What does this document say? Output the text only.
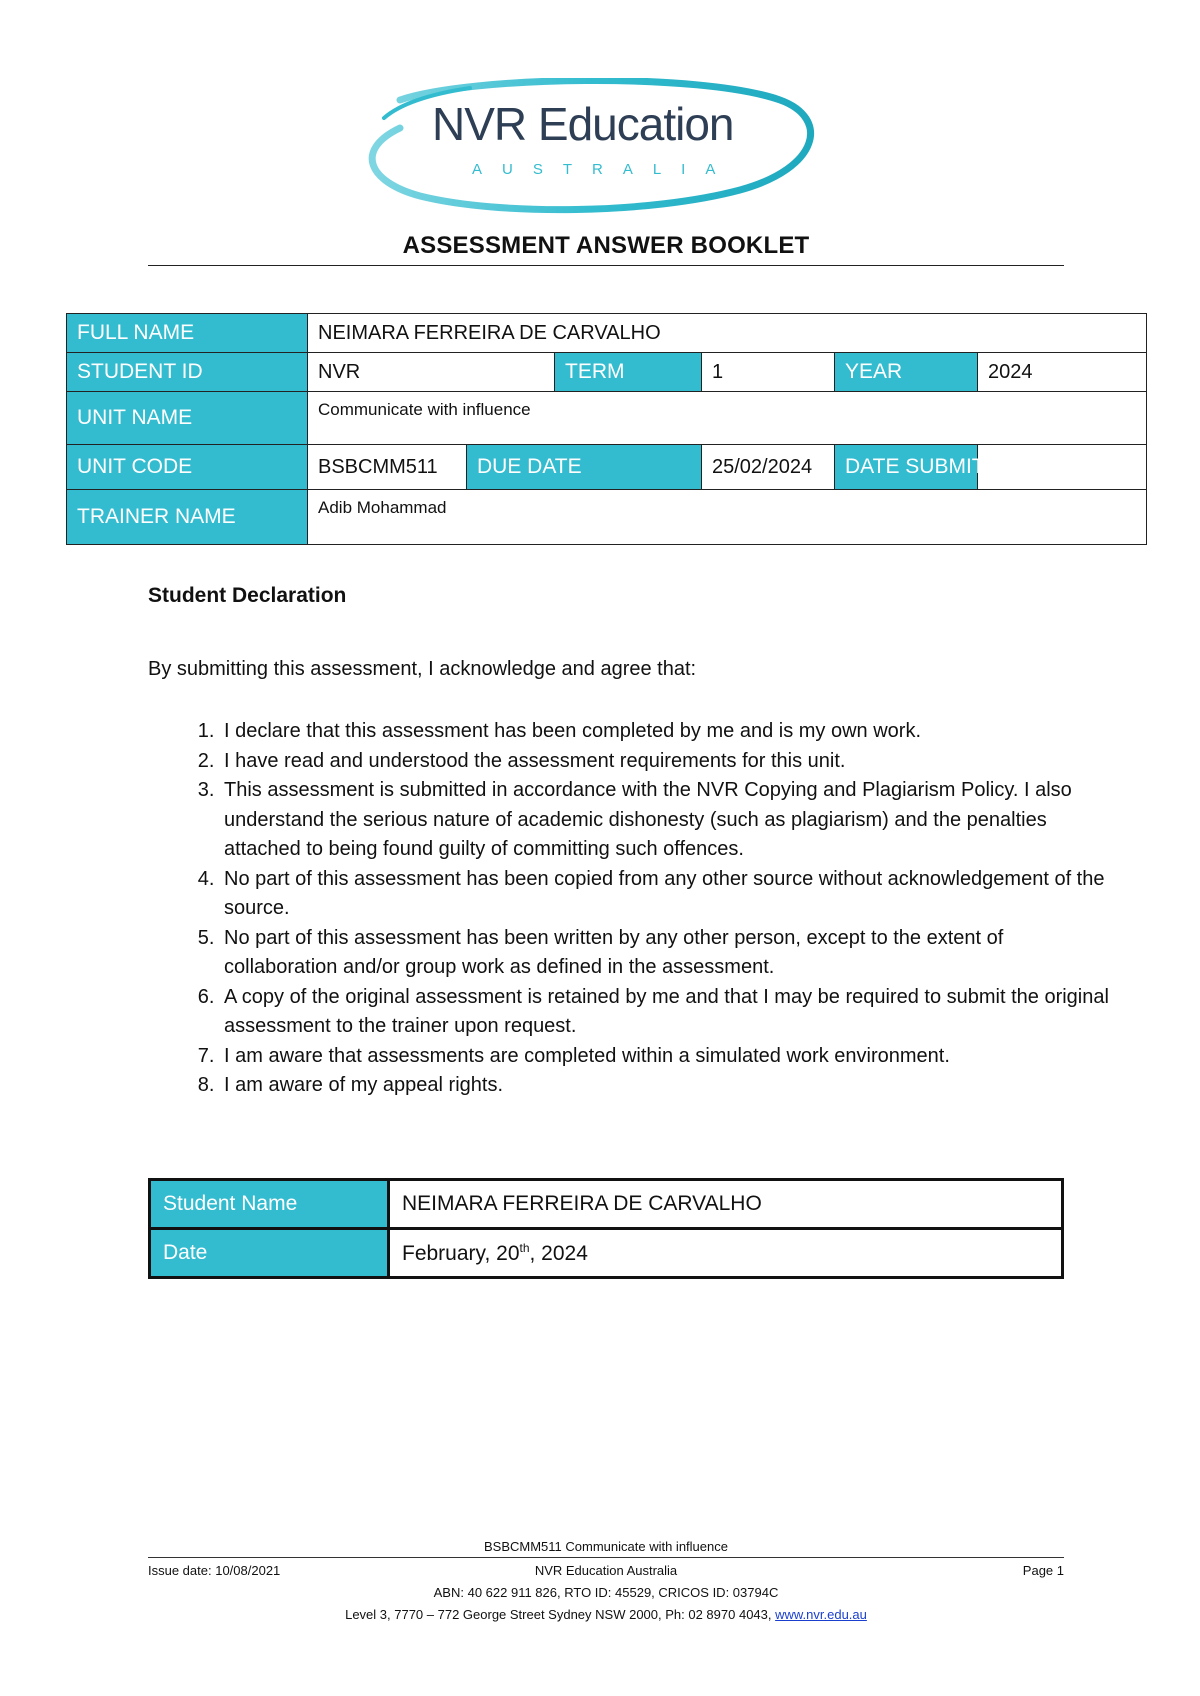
NVR Education
AUSTRALIA
ASSESSMENT ANSWER BOOKLET
FULL NAME	NEIMARA FERREIRA DE CARVALHO					
STUDENT ID	NVR		TERM	1	YEAR	2024
UNIT NAME	Communicate with influence					
UNIT CODE	BSBCMM511	DUE DATE		25/02/2024	DATE SUBMITTED	
TRAINER NAME	Adib Mohammad					
Student Declaration
By submitting this assessment, I acknowledge and agree that:
1. I declare that this assessment has been completed by me and is my own work.
2. I have read and understood the assessment requirements for this unit.
3. This assessment is submitted in accordance with the NVR Copying and Plagiarism Policy. I also understand the serious nature of academic dishonesty (such as plagiarism) and the penalties attached to being found guilty of committing such offences.
4. No part of this assessment has been copied from any other source without acknowledgement of the source.
5. No part of this assessment has been written by any other person, except to the extent of collaboration and/or group work as defined in the assessment.
6. A copy of the original assessment is retained by me and that I may be required to submit the original assessment to the trainer upon request.
7. I am aware that assessments are completed within a simulated work environment.
8. I am aware of my appeal rights.
Student Name	NEIMARA FERREIRA DE CARVALHO
Date	February, 20th, 2024
BSBCMM511 Communicate with influence
Issue date: 10/08/2021	NVR Education Australia	Page 1
ABN: 40 622 911 826, RTO ID: 45529, CRICOS ID: 03794C
Level 3, 7770 – 772 George Street Sydney NSW 2000, Ph: 02 8970 4043, www.nvr.edu.au
